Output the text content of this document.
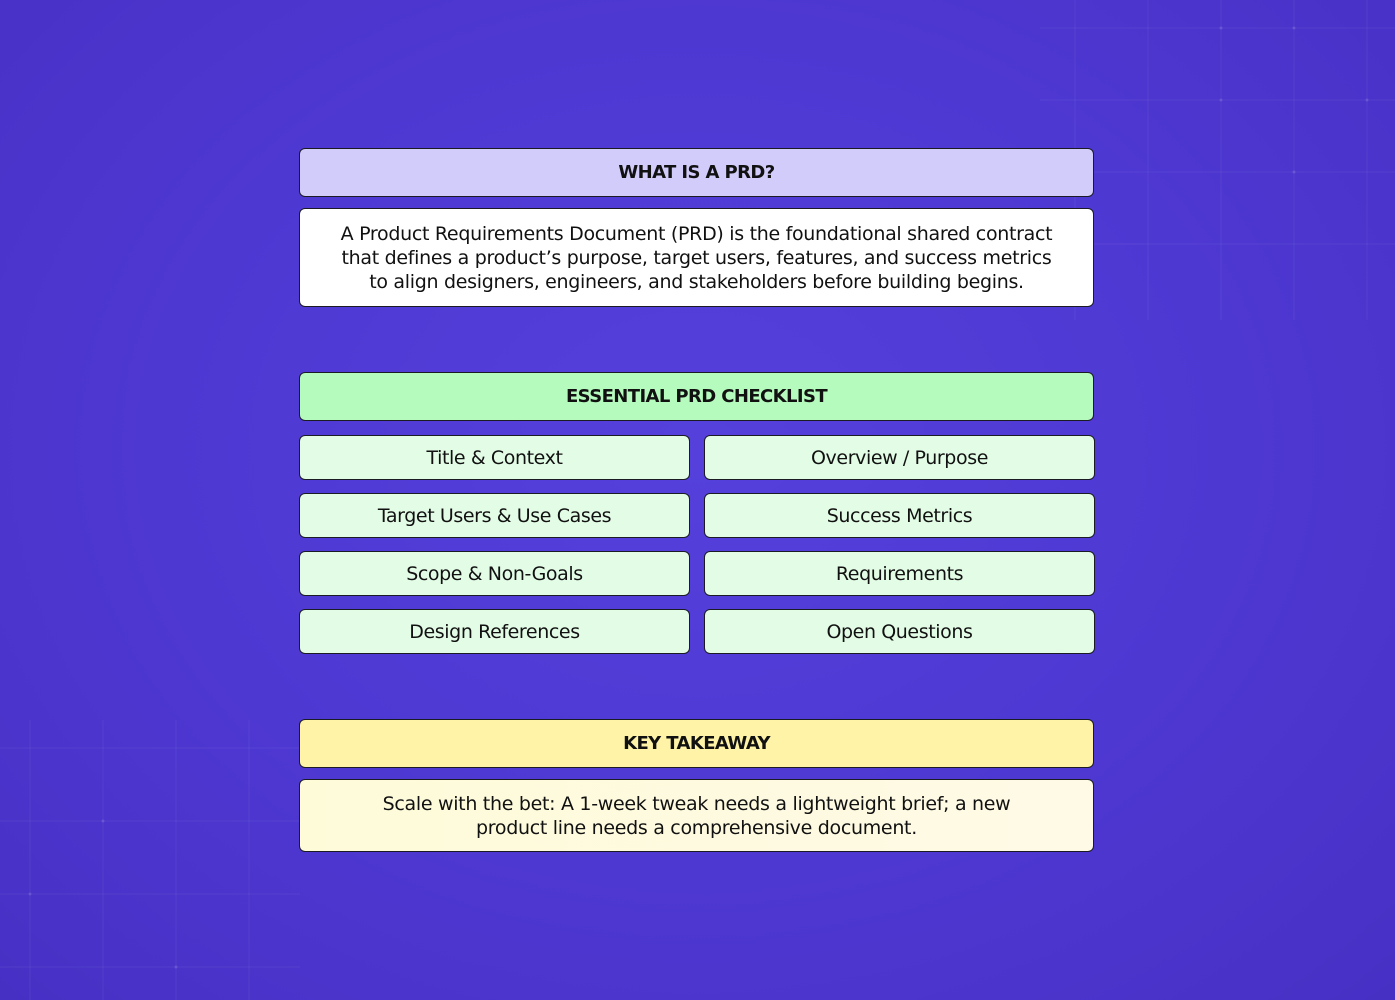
WHAT IS A PRD?
A Product Requirements Document (PRD) is the foundational shared contract that defines a product’s purpose, target users, features, and success metrics to align designers, engineers, and stakeholders before building begins.
ESSENTIAL PRD CHECKLIST
Title & Context	Overview / Purpose
Target Users & Use Cases	Success Metrics
Scope & Non-Goals	Requirements
Design References	Open Questions
KEY TAKEAWAY
Scale with the bet: A 1-week tweak needs a lightweight brief; a new product line needs a comprehensive document.
